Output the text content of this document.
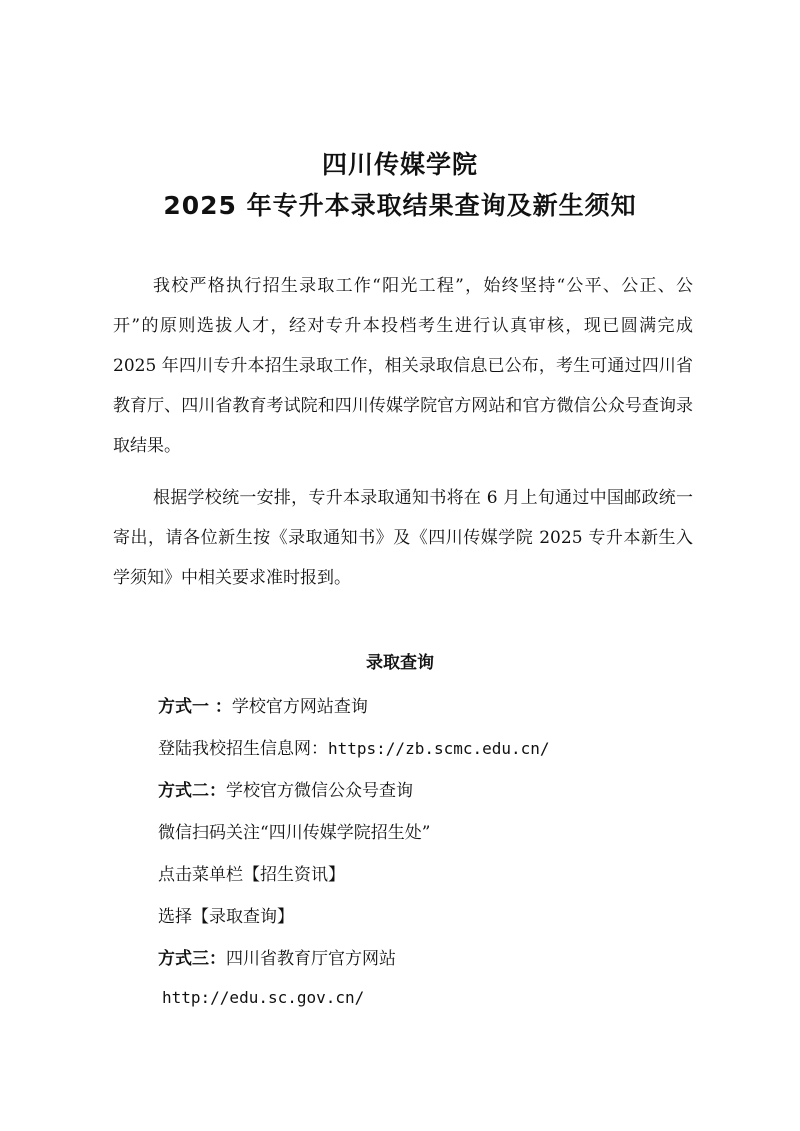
四川传媒学院
2025 年专升本录取结果查询及新生须知

我校严格执行招生录取工作“阳光工程”，始终坚持“公平、公正、公开”的原则选拔人才，经对专升本投档考生进行认真审核，现已圆满完成 2025 年四川专升本招生录取工作，相关录取信息已公布，考生可通过四川省教育厅、四川省教育考试院和四川传媒学院官方网站和官方微信公众号查询录取结果。

根据学校统一安排，专升本录取通知书将在 6 月上旬通过中国邮政统一寄出，请各位新生按《录取通知书》及《四川传媒学院 2025 专升本新生入学须知》中相关要求准时报到。

录取查询
方式一 ：学校官方网站查询
登陆我校招生信息网：https://zb.scmc.edu.cn/
方式二：学校官方微信公众号查询
微信扫码关注“四川传媒学院招生处”
点击菜单栏【招生资讯】
选择【录取查询】
方式三：四川省教育厅官方网站
http://edu.sc.gov.cn/
